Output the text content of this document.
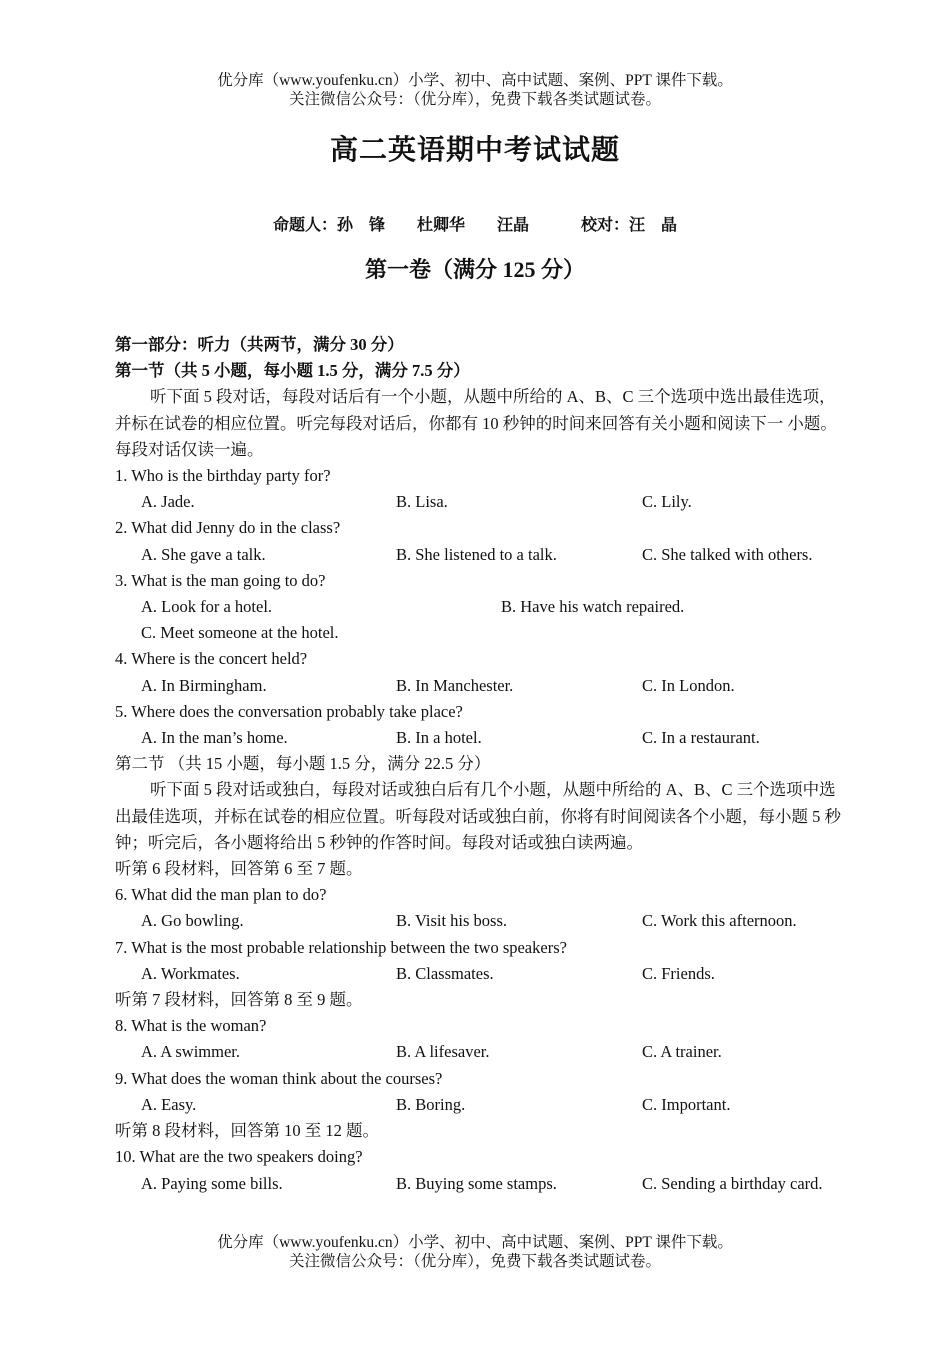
优分库（www.youfenku.cn）小学、初中、高中试题、案例、PPT 课件下载。
关注微信公众号：（优分库），免费下载各类试题试卷。
高二英语期中考试试题
命题人：孙　锋　　杜卿华　　汪晶	校对：汪　晶
第一卷（满分 125 分）
第一部分：听力（共两节，满分 30 分）
第一节（共 5 小题，每小题 1.5 分，满分 7.5 分）
听下面 5 段对话，每段对话后有一个小题，从题中所给的 A、B、C 三个选项中选出最佳选项，并标在试卷的相应位置。听完每段对话后，你都有 10 秒钟的时间来回答有关小题和阅读下一 小题。每段对话仅读一遍。
1. Who is the birthday party for?
A. Jade.	B. Lisa.	C. Lily.
2. What did Jenny do in the class?
A. She gave a talk.	B. She listened to a talk.	C. She talked with others.
3. What is the man going to do?
A. Look for a hotel.	B. Have his watch repaired.
C. Meet someone at the hotel.
4. Where is the concert held?
A. In Birmingham.	B. In Manchester.	C. In London.
5. Where does the conversation probably take place?
A. In the man’s home.	B. In a hotel.	C. In a restaurant.
第二节 （共 15 小题，每小题 1.5 分，满分 22.5 分）
听下面 5 段对话或独白，每段对话或独白后有几个小题，从题中所给的 A、B、C 三个选项中选出最佳选项，并标在试卷的相应位置。听每段对话或独白前，你将有时间阅读各个小题，每小题 5 秒钟；听完后，各小题将给出 5 秒钟的作答时间。每段对话或独白读两遍。
听第 6 段材料，回答第 6 至 7 题。
6. What did the man plan to do?
A. Go bowling.	B. Visit his boss.	C. Work this afternoon.
7. What is the most probable relationship between the two speakers?
A. Workmates.	B. Classmates.	C. Friends.
听第 7 段材料，回答第 8 至 9 题。
8. What is the woman?
A. A swimmer.	B. A lifesaver.	C. A trainer.
9. What does the woman think about the courses?
A. Easy.	B. Boring.	C. Important.
听第 8 段材料，回答第 10 至 12 题。
10. What are the two speakers doing?
A. Paying some bills.	B. Buying some stamps.	C. Sending a birthday card.
优分库（www.youfenku.cn）小学、初中、高中试题、案例、PPT 课件下载。
关注微信公众号：（优分库），免费下载各类试题试卷。
